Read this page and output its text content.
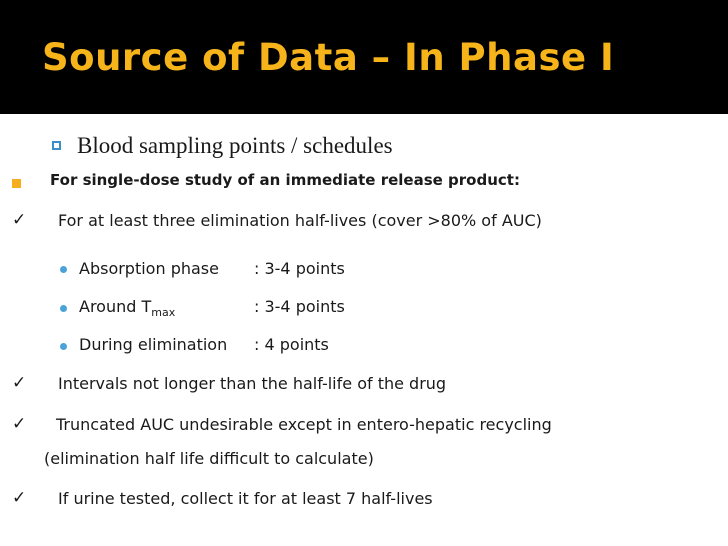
Source of Data – In Phase I
Blood sampling points / schedules
For single-dose study of an immediate release product:
✓ For at least three elimination half-lives (cover >80% of AUC)
Absorption phase : 3-4 points
Around $T_{max}$	: 3-4 points
During elimination : 4 points
✓ Intervals not longer than the half-life of the drug
✓ Truncated AUC undesirable except in entero-hepatic recycling
(elimination half life difficult to calculate)
✓ If urine tested, collect it for at least 7 half-lives
